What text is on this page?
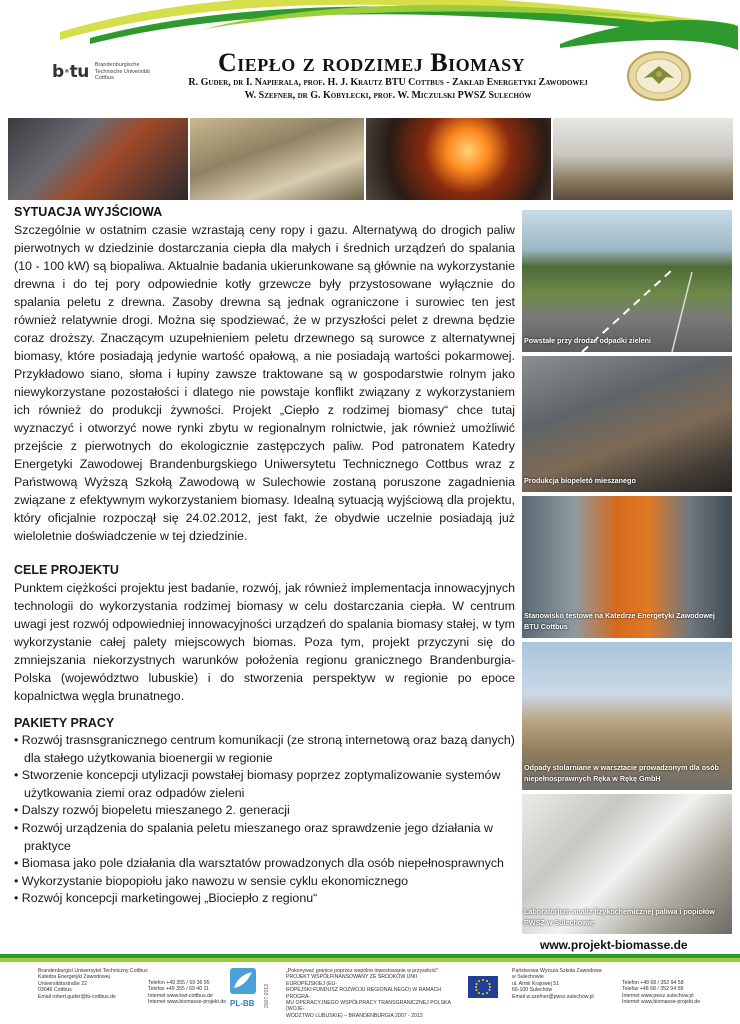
b·tu Brandenburgische
Technische Universität
Cottbus
Ciepło z rodzimej Biomasy
R. Guder, dr I. Napierala, prof. H. J. Krautz BTU Cottbus - Zakład Energetyki Zawodowej
W. Szefner, dr G. Kobyłecki, prof. W. Miczulski PWSZ Sulechów
SYTUACJA WYJŚCIOWA

Szczególnie w ostatnim czasie wzrastają ceny ropy i gazu. Alternatywą do drogich paliw pierwotnych w dziedzinie dostarczania ciepła dla małych i średnich urządzeń do spalania (10 - 100 kW) są biopaliwa. Aktualnie badania ukierunkowane są głównie na wykorzystanie drewna i do tej pory odpowiednie kotły grzewcze były przystosowane wyłącznie do spalania peletu z drewna. Zasoby drewna są jednak ograniczone i surowiec ten jest również relatywnie drogi. Można się spodziewać, że w przyszłości pelet z drewna będzie coraz droższy. Znaczącym uzupełnieniem peletu drzewnego są surowce z alternatywnej biomasy, które posiadają jedynie wartość opałową, a nie posiadają wartości pokarmowej. Przykładowo siano, słoma i łupiny zawsze traktowane są w gospodarstwie rolnym jako niewykorzystane pozostałości i dlatego nie powstaje konflikt związany z wykorzystaniem ich również do produkcji żywności. Projekt „Ciepło z rodzimej biomasy“ chce tutaj wyznaczyć i otworzyć nowe rynki zbytu w regionalnym rolnictwie, jak również umożliwić przejście z pierwotnych do ekologicznie zastępczych paliw. Pod patronatem Katedry Energetyki Zawodowej Brandenburgskiego Uniwersytetu Technicznego Cottbus wraz z Państwową Wyższą Szkołą Zawodową w Sulechowie zostaną poruszone zagadnienia związane z efektywnym wykorzystaniem biomasy. Idealną sytuacją wyjściową dla projektu, który oficjalnie rozpoczął się 24.02.2012, jest fakt, że obydwie uczelnie posiadają już wieloletnie doświadczenie w tej dziedzinie.

CELE PROJEKTU

Punktem ciężkości projektu jest badanie, rozwój, jak również implementacja innowacyjnych technologii do wykorzystania rodzimej biomasy w celu dostarczania ciepła. W centrum uwagi jest rozwój odpowiedniej innowacyjności urządzeń do spalania biomasy stałej, w tym wykorzystanie całej palety miejscowych biomas. Poza tym, projekt przyczyni się do zmniejszania niekorzystnych warunków położenia regionu granicznego Brandenburgia-Polska (województwo lubuskie) i do stworzenia perspektyw w regionie po epoce kopalnictwa węgla brunatnego.

PAKIETY PRACY
• Rozwój trasnsgranicznego centrum komunikacji (ze stroną internetową oraz bazą danych) dla stałego użytkowania bioenergii w regionie
• Stworzenie koncepcji utylizacji powstałej biomasy poprzez zoptymalizowanie systemów użytkowania ziemi oraz odpadów zieleni
• Dalszy rozwój biopeletu mieszanego 2. generacji
• Rozwój urządzenia do spalania peletu mieszanego oraz sprawdzenie jego działania w praktyce
• Biomasa jako pole działania dla warsztatów prowadzonych dla osób niepełnosprawnych
• Wykorzystanie biopopiołu jako nawozu w sensie cyklu ekonomicznego
• Rozwój koncepcji marketingowej „Biociepło z regionu“
Powstałe przy drodze odpadki zieleni
Produkcja biopeletó mieszanego
Stanowisko testowe na Katedrze Energetyki Zawodowej BTU Cottbus
Odpady stolarniane w warsztacie prowadzonym dla osób niepełnosprawnych Ręka w Rękę GmbH
Laboratorium analiz fizykochemicznej paliwa i popiołów PWSZ w Sulechowie
www.projekt-biomasse.de
Brandenburgisl Uniwersytet Techniczny Cottbus
Katedra Energetyki Zawodowej
Universitätsstraße 22
03046 Cottbus
Email robert.guder@tu-cottbus.de
Telefon +49 355 / 69 36 95
Telefax +49 355 / 69 40 11
Internet www.kwt-cottbus.de
Internet www.biomasse-projekt.de PL-BB 2007-2013
„Pokonywać granice poprzez wspólne inwestowanie w przyszłość"
PROJEKT WSPÓŁFINANSOWANY ZE ŚRODKÓW UNII EUROPEJSKIEJ (EU-
ROPEJSKI FUNDUSZ ROZWOJU REGIONALNEGO) W RAMACH PROGRA-
MU OPERACYJNEGO WSPÓŁPRACY TRANSGRANICZNEJ POLSKA (WOJE-
WÓDZTWO LUBUSKIE) – BRANDENBURGIA 2007 - 2013
Państwowa Wyższa Szkoła Zawodowa
w Sulechowie
ul. Armii Krajowej 51
66-100 Sulechów
Email w.szefner@pwsz.sulechow.pl
Telefon +48 68 / 352 94 58
Telefax +48 68 / 352 94 58
Internet www.pwsz.sulechow.pl
Internet www.biomasse-projekt.de
